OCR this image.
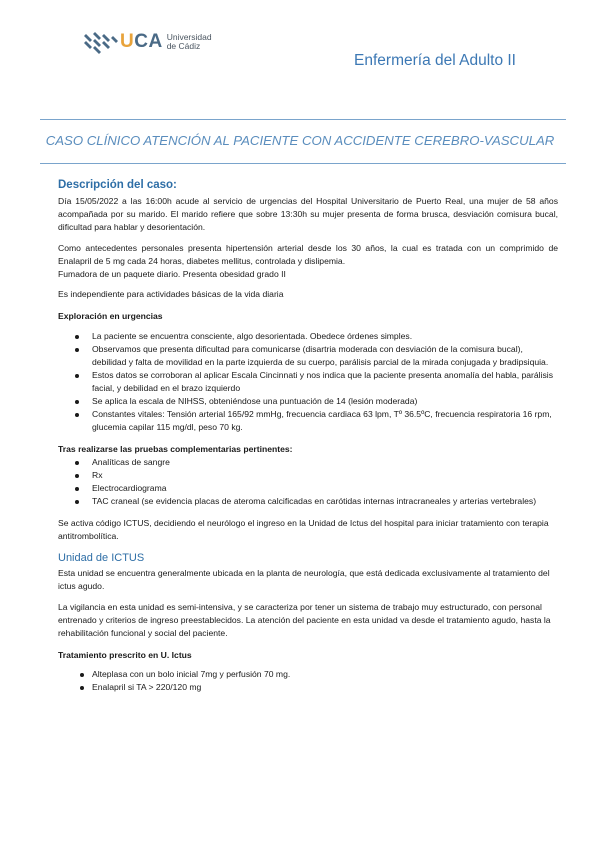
UCA Universidad
de Cádiz
Enfermería del Adulto II
CASO CLÍNICO ATENCIÓN AL PACIENTE CON ACCIDENTE CEREBRO-VASCULAR
Descripción del caso:

Día 15/05/2022 a las 16:00h acude al servicio de urgencias del Hospital Universitario de Puerto Real, una mujer de 58 años acompañada por su marido. El marido refiere que sobre 13:30h su mujer presenta de forma brusca, desviación comisura bucal, dificultad para hablar y desorientación.

Como antecedentes personales presenta hipertensión arterial desde los 30 años, la cual es tratada con un comprimido de Enalapril de 5 mg cada 24 horas, diabetes mellitus, controlada y dislipemia.

Fumadora de un paquete diario. Presenta obesidad grado II

Es independiente para actividades básicas de la vida diaria

Exploración en urgencias

La paciente se encuentra consciente, algo desorientada. Obedece órdenes simples.
Observamos que presenta dificultad para comunicarse (disartria moderada con desviación de la comisura bucal), debilidad y falta de movilidad en la parte izquierda de su cuerpo, parálisis parcial de la mirada conjugada y bradipsiquia.
Estos datos se corroboran al aplicar Escala Cincinnati y nos indica que la paciente presenta anomalía del habla, parálisis facial, y debilidad en el brazo izquierdo
Se aplica la escala de NIHSS, obteniéndose una puntuación de 14 (lesión moderada)
Constantes vitales: Tensión arterial 165/92 mmHg, frecuencia cardiaca 63 lpm, Tº 36.5ºC, frecuencia respiratoria 16 rpm, glucemia capilar 115 mg/dl, peso 70 kg.

Tras realizarse las pruebas complementarias pertinentes:

Analíticas de sangre
Rx
Electrocardiograma
TAC craneal (se evidencia placas de ateroma calcificadas en carótidas internas intracraneales y arterias vertebrales)

Se activa código ICTUS, decidiendo el neurólogo el ingreso en la Unidad de Ictus del hospital para iniciar tratamiento con terapia antitrombolítica.

Unidad de ICTUS

Esta unidad se encuentra generalmente ubicada en la planta de neurología, que está dedicada exclusivamente al tratamiento del ictus agudo.

La vigilancia en esta unidad es semi-intensiva, y se caracteriza por tener un sistema de trabajo muy estructurado, con personal entrenado y criterios de ingreso preestablecidos. La atención del paciente en esta unidad va desde el tratamiento agudo, hasta la rehabilitación funcional y social del paciente.

Tratamiento prescrito en U. Ictus

Alteplasa con un bolo inicial 7mg y perfusión 70 mg.
Enalapril si TA > 220/120 mg
